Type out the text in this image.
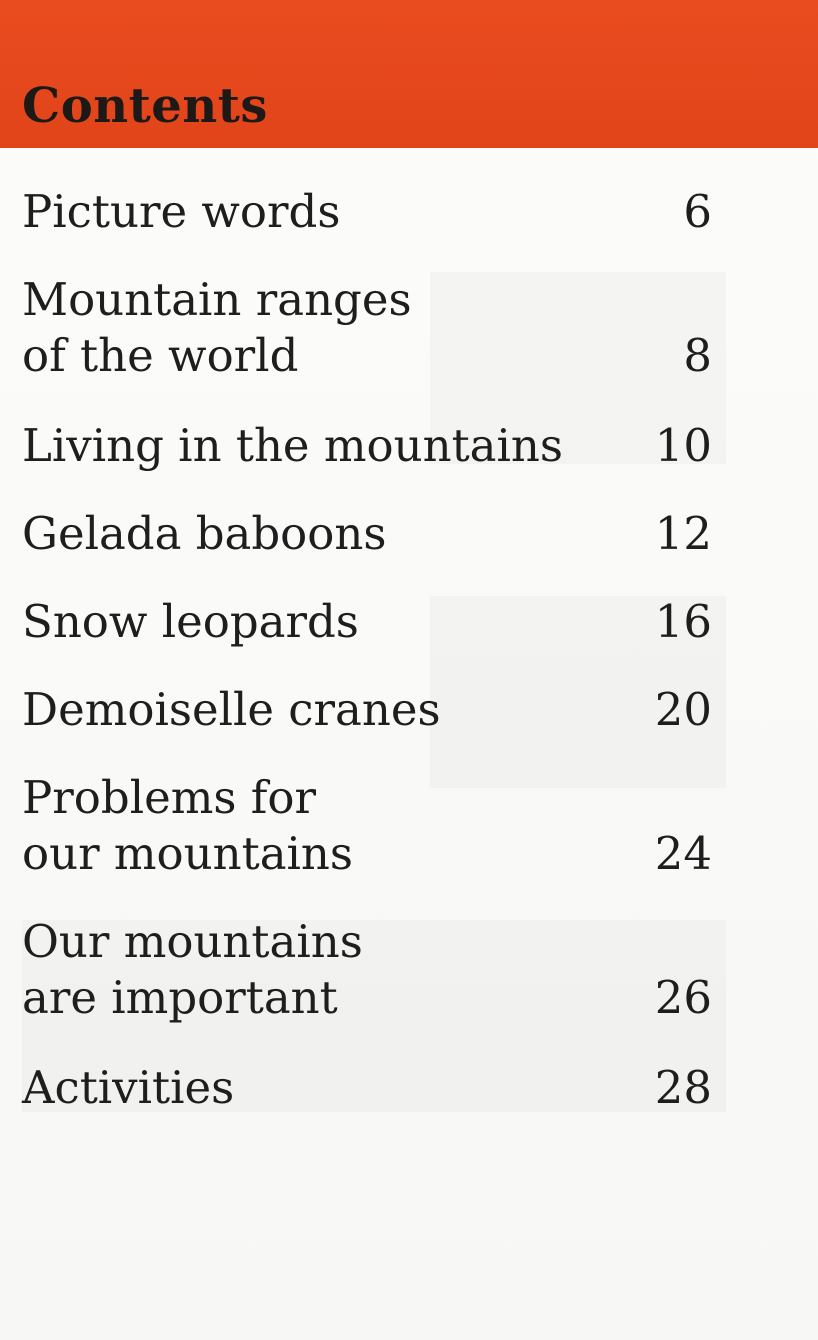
Contents
Picture words	6
Mountain ranges
of the world	8
Living in the mountains 10
Gelada baboons	12
Snow leopards	16
Demoiselle cranes	20
Problems for
our mountains	24
Our mountains
are important	26
Activities	28
